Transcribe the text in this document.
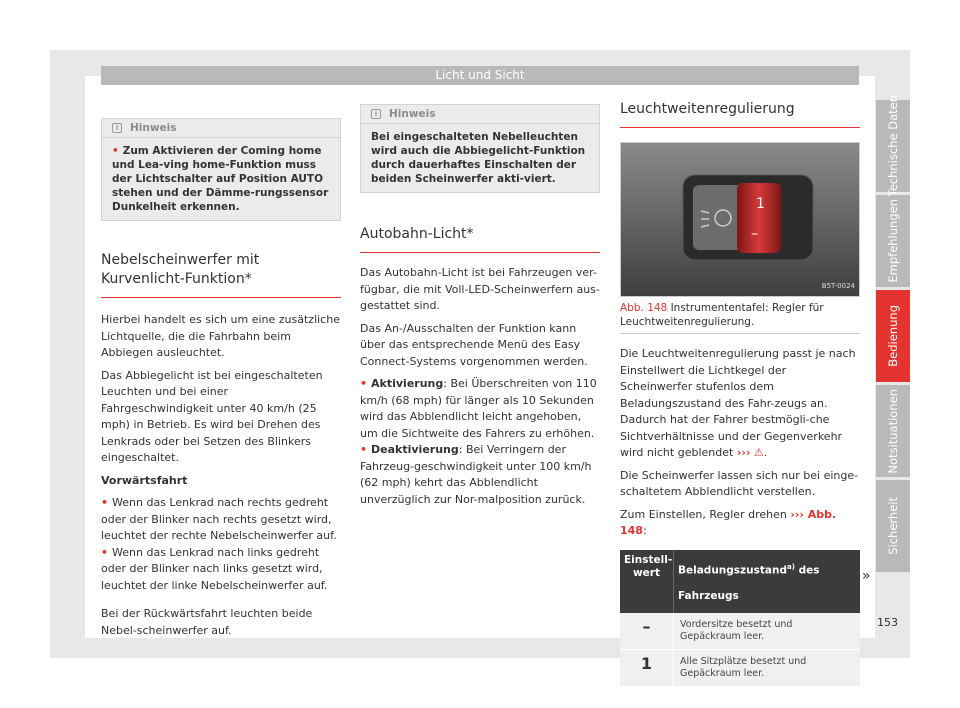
Licht und Sicht
i	Hinweis
• Zum Aktivieren der Coming home und Lea-ving home-Funktion muss der Lichtschalter auf Position AUTO stehen und der Dämme-rungssensor Dunkelheit erkennen.
Nebelscheinwerfer mit Kurvenlicht-Funktion*

Hierbei handelt es sich um eine zusätzliche Lichtquelle, die die Fahrbahn beim Abbiegen ausleuchtet.

Das Abbiegelicht ist bei eingeschalteten Leuchten und bei einer Fahrgeschwindigkeit unter 40 km/h (25 mph) in Betrieb. Es wird bei Drehen des Lenkrads oder bei Setzen des Blinkers eingeschaltet.

Vorwärtsfahrt

• Wenn das Lenkrad nach rechts gedreht oder der Blinker nach rechts gesetzt wird, leuchtet der rechte Nebelscheinwerfer auf.
• Wenn das Lenkrad nach links gedreht oder der Blinker nach links gesetzt wird, leuchtet der linke Nebelscheinwerfer auf.

Bei der Rückwärtsfahrt leuchten beide Nebel-scheinwerfer auf.

i	Hinweis
Bei eingeschalteten Nebelleuchten wird auch die Abbiegelicht-Funktion durch dauerhaftes Einschalten der beiden Scheinwerfer akti-viert.
Autobahn-Licht*

Das Autobahn-Licht ist bei Fahrzeugen ver-fügbar, die mit Voll-LED-Scheinwerfern aus-gestattet sind.

Das An-/Ausschalten der Funktion kann über das entsprechende Menü des Easy Connect-Systems vorgenommen werden.

• Aktivierung: Bei Überschreiten von 110 km/h (68 mph) für länger als 10 Sekunden wird das Abblendlicht leicht angehoben, um die Sichtweite des Fahrers zu erhöhen.
• Deaktivierung: Bei Verringern der Fahrzeug-geschwindigkeit unter 100 km/h (62 mph) kehrt das Abblendlicht unverzüglich zur Nor-malposition zurück.
Leuchtweitenregulierung
1
–
B5T-0024
Abb. 148 Instrumententafel: Regler für Leuchtweitenregulierung.

Die Leuchtweitenregulierung passt je nach Einstellwert die Lichtkegel der Scheinwerfer stufenlos dem Beladungszustand des Fahr-zeugs an. Dadurch hat der Fahrer bestmögli-che Sichtverhältnisse und der Gegenverkehr wird nicht geblendet ››› ⚠.

Die Scheinwerfer lassen sich nur bei einge-schaltetem Abblendlicht verstellen.

Zum Einstellen, Regler drehen ››› Abb. 148:

Einstell-wert	Beladungszustand$^{a)}$ des Fahrzeugs
–	Vordersitze besetzt und Gepäckraum leer.
1	Alle Sitzplätze besetzt und Gepäckraum leer.
»
Technische Daten
Empfehlungen
Bedienung
Notsituationen
Sicherheit
153
